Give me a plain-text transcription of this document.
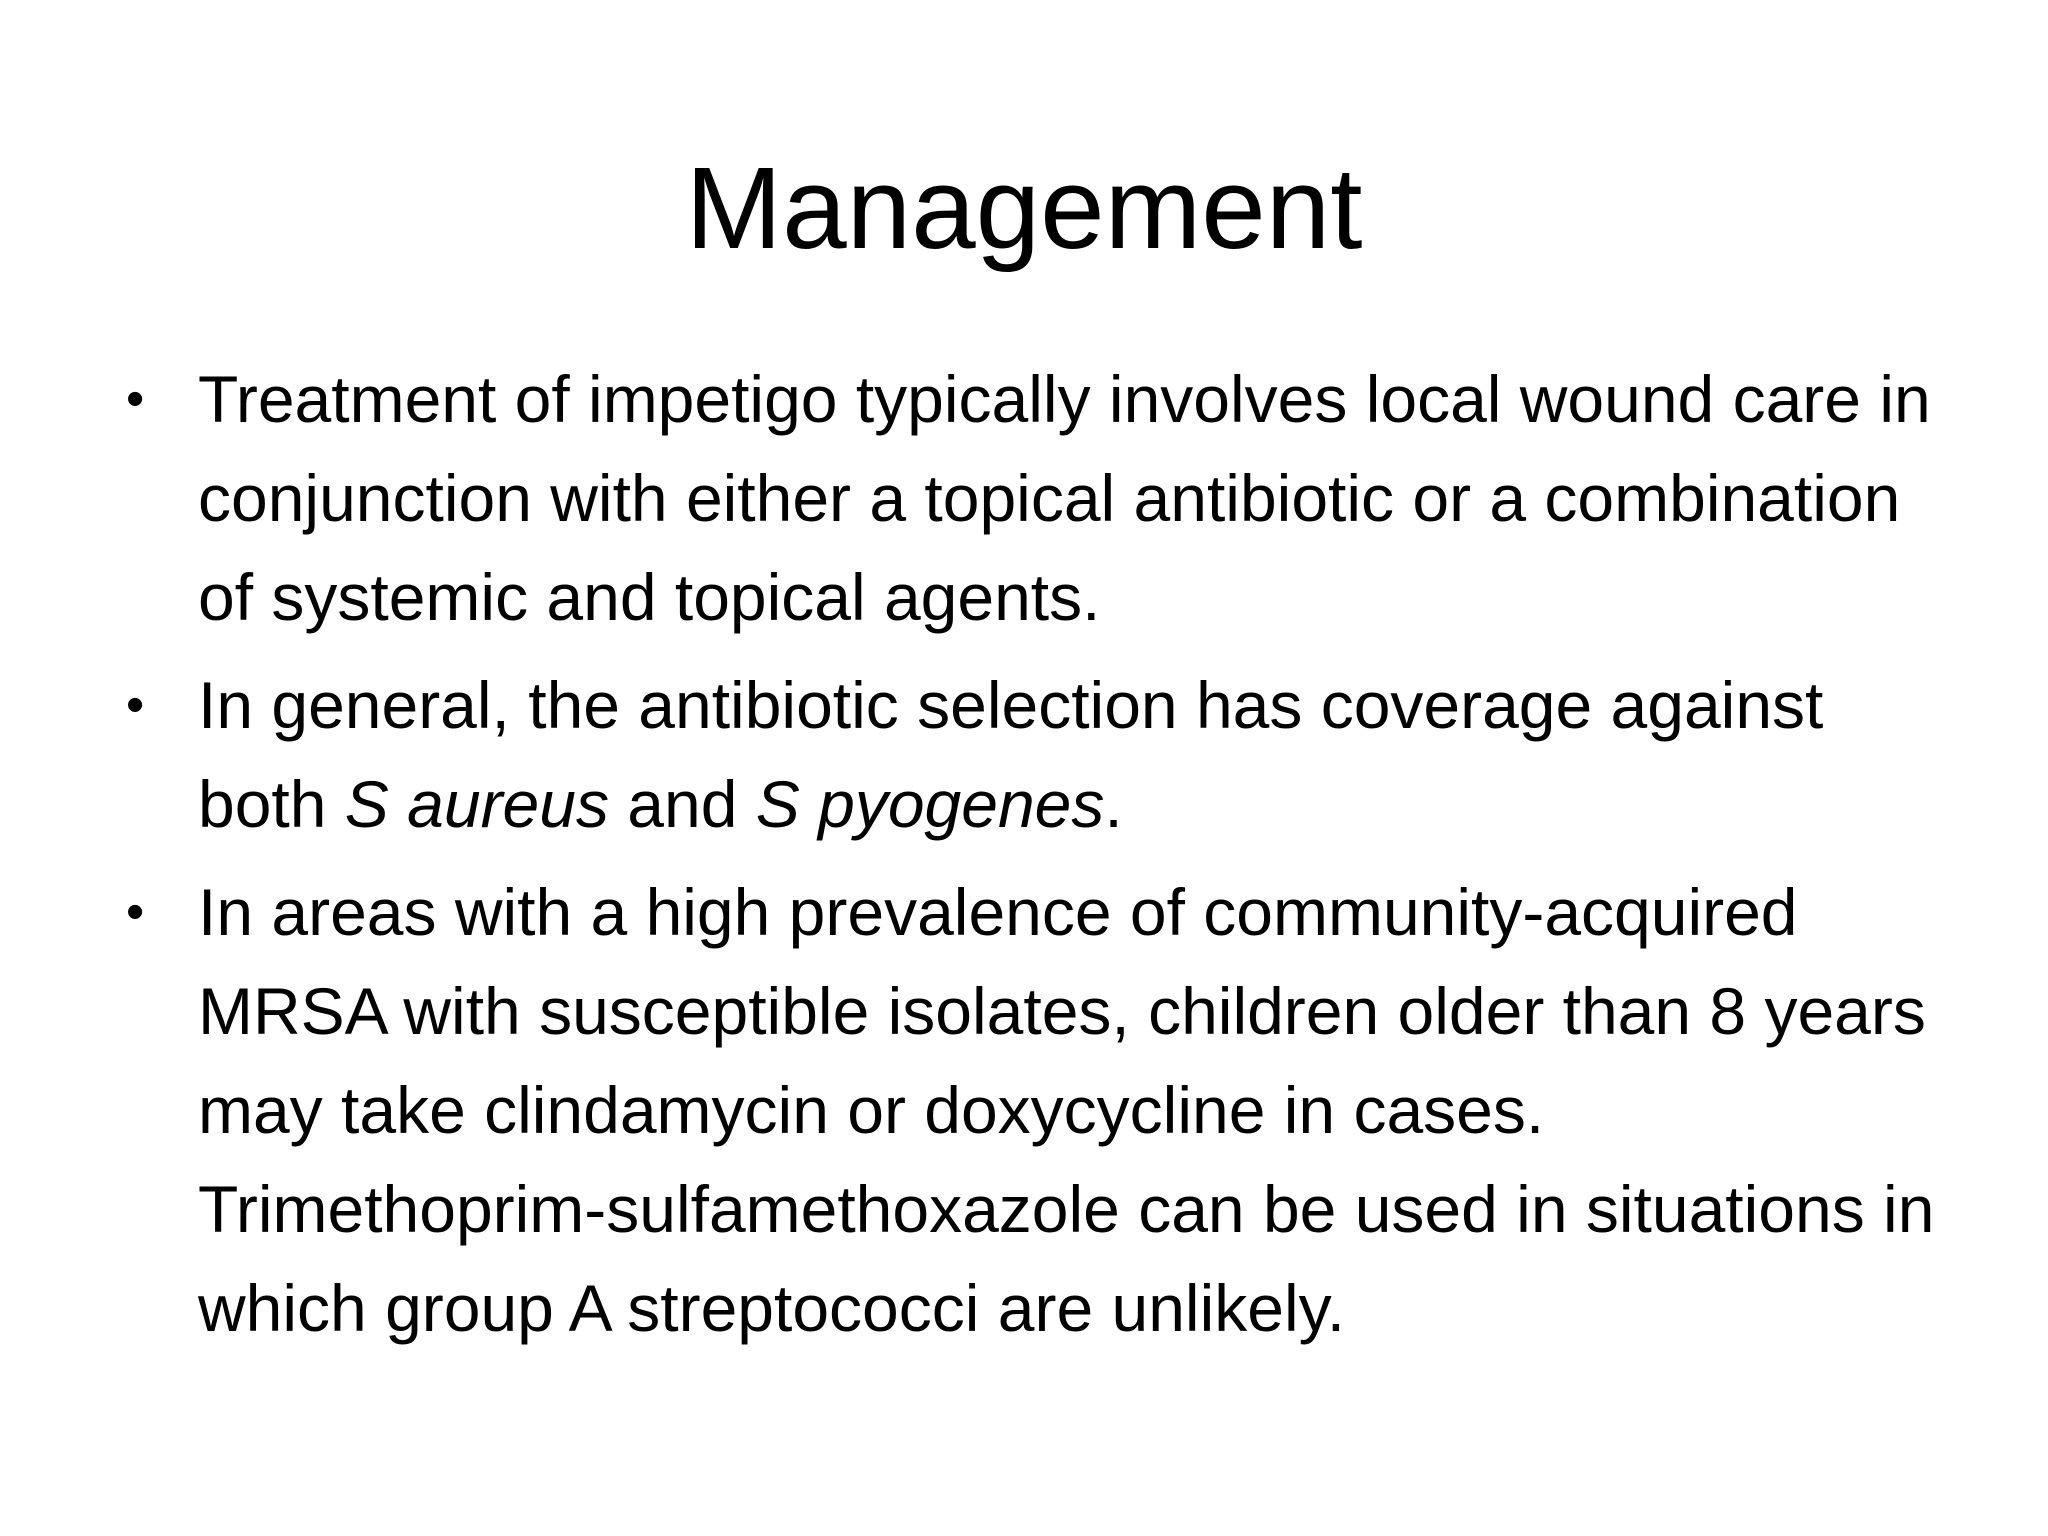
Management
• Treatment of impetigo typically involves local wound care in conjunction with either a topical antibiotic or a combination of systemic and topical agents.
• In general, the antibiotic selection has coverage against both S aureus and S pyogenes.
• In areas with a high prevalence of community-acquired MRSA with susceptible isolates, children older than 8 years may take clindamycin or doxycycline in cases. Trimethoprim-sulfamethoxazole can be used in situations in which group A streptococci are unlikely.
